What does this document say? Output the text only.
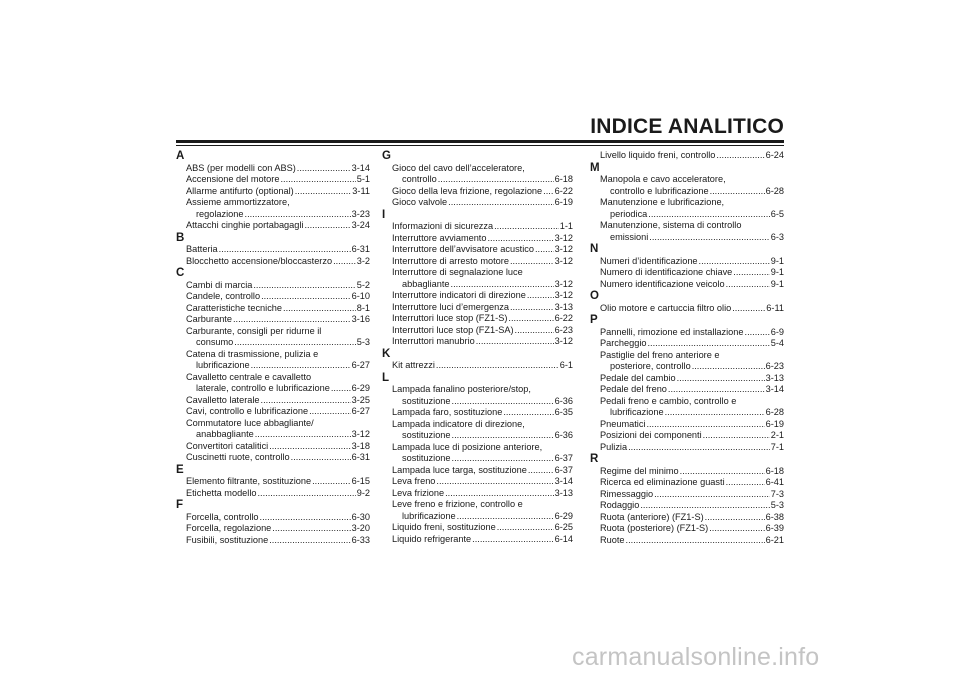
INDICE ANALITICO
A
ABS (per modelli con ABS) .....	3-14
Accensione del motore .....	5-1
Allarme antifurto (optional) .....	3-11
Assieme ammortizzatore,
regolazione .....	3-23
Attacchi cinghie portabagagli .....	3-24
B
Batteria .....	6-31
Blocchetto accensione/bloccasterzo .....	3-2
C
Cambi di marcia .....	5-2
Candele, controllo .....	6-10
Caratteristiche tecniche .....	8-1
Carburante .....	3-16
Carburante, consigli per ridurne il
consumo .....	5-3
Catena di trasmissione, pulizia e
lubrificazione .....	6-27
Cavalletto centrale e cavalletto
laterale, controllo e lubrificazione ..... 6-29
Cavalletto laterale .....	3-25
Cavi, controllo e lubrificazione .....	6-27
Commutatore luce abbagliante/
anabbagliante .....	3-12
Convertitori catalitici .....	3-18
Cuscinetti ruote, controllo .....	6-31
E
Elemento filtrante, sostituzione .....	6-15
Etichetta modello .....	9-2
F
Forcella, controllo .....	6-30
Forcella, regolazione .....	3-20
Fusibili, sostituzione .....	6-33
G
Gioco del cavo dell’acceleratore,
controllo .....	6-18
Gioco della leva frizione, regolazione ..... 6-22
Gioco valvole .....	6-19
I
Informazioni di sicurezza .....	1-1
Interruttore avviamento .....	3-12
Interruttore dell’avvisatore acustico ..... 3-12
Interruttore di arresto motore .....	3-12
Interruttore di segnalazione luce
abbagliante .....	3-12
Interruttore indicatori di direzione .....	3-12
Interruttore luci d’emergenza .....	3-13
Interruttori luce stop (FZ1-S) .....	6-22
Interruttori luce stop (FZ1-SA) .....	6-23
Interruttori manubrio .....	3-12
K
Kit attrezzi .....	6-1
L
Lampada fanalino posteriore/stop,
sostituzione .....	6-36
Lampada faro, sostituzione .....	6-35
Lampada indicatore di direzione,
sostituzione .....	6-36
Lampada luce di posizione anteriore,
sostituzione .....	6-37
Lampada luce targa, sostituzione .....	6-37
Leva freno .....	3-14
Leva frizione .....	3-13
Leve freno e frizione, controllo e
lubrificazione .....	6-29
Liquido freni, sostituzione .....	6-25
Liquido refrigerante .....	6-14
Livello liquido freni, controllo .....	6-24
M
Manopola e cavo acceleratore,
controllo e lubrificazione .....	6-28
Manutenzione e lubrificazione,
periodica .....	6-5
Manutenzione, sistema di controllo
emissioni .....	6-3
N
Numeri d’identificazione .....	9-1
Numero di identificazione chiave .....	9-1
Numero identificazione veicolo .....	9-1
O
Olio motore e cartuccia filtro olio .....	6-11
P
Pannelli, rimozione ed installazione .....	6-9
Parcheggio .....	5-4
Pastiglie del freno anteriore e
posteriore, controllo .....	6-23
Pedale del cambio .....	3-13
Pedale del freno .....	3-14
Pedali freno e cambio, controllo e
lubrificazione .....	6-28
Pneumatici .....	6-19
Posizioni dei componenti .....	2-1
Pulizia .....	7-1
R
Regime del minimo .....	6-18
Ricerca ed eliminazione guasti .....	6-41
Rimessaggio .....	7-3
Rodaggio .....	5-3
Ruota (anteriore) (FZ1-S) .....	6-38
Ruota (posteriore) (FZ1-S) .....	6-39
Ruote .....	6-21
carmanualsonline.info
